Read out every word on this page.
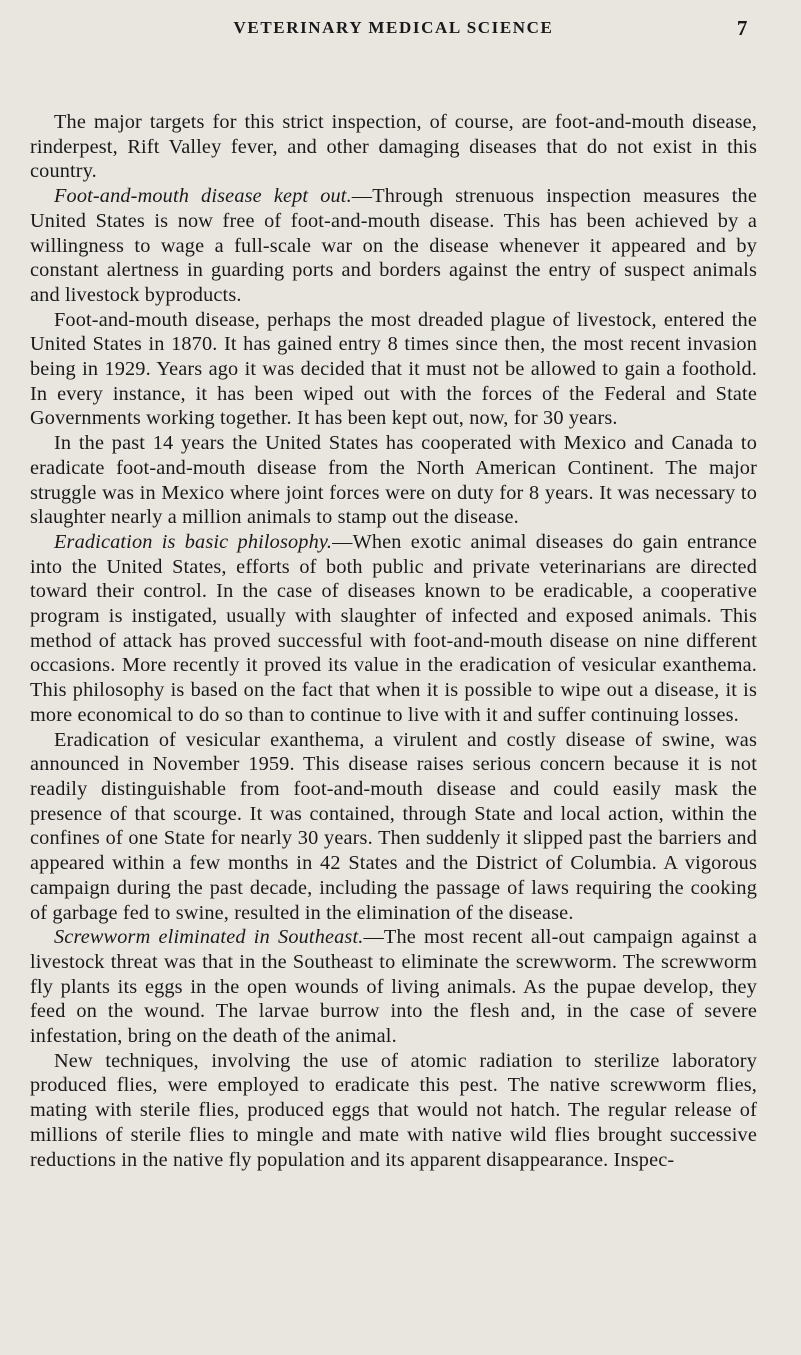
VETERINARY MEDICAL SCIENCE	7

The major targets for this strict inspection, of course, are foot-and-mouth disease, rinderpest, Rift Valley fever, and other damaging diseases that do not exist in this country.

Foot-and-mouth disease kept out.—Through strenuous inspection measures the United States is now free of foot-and-mouth disease. This has been achieved by a willingness to wage a full-scale war on the disease whenever it appeared and by constant alertness in guarding ports and borders against the entry of suspect animals and livestock byproducts.

Foot-and-mouth disease, perhaps the most dreaded plague of livestock, entered the United States in 1870. It has gained entry 8 times since then, the most recent invasion being in 1929. Years ago it was decided that it must not be allowed to gain a foothold. In every instance, it has been wiped out with the forces of the Federal and State Governments working together. It has been kept out, now, for 30 years.

In the past 14 years the United States has cooperated with Mexico and Canada to eradicate foot-and-mouth disease from the North American Continent. The major struggle was in Mexico where joint forces were on duty for 8 years. It was necessary to slaughter nearly a million animals to stamp out the disease.

Eradication is basic philosophy.—When exotic animal diseases do gain entrance into the United States, efforts of both public and private veterinarians are directed toward their control. In the case of diseases known to be eradicable, a cooperative program is instigated, usually with slaughter of infected and exposed animals. This method of attack has proved successful with foot-and-mouth disease on nine different occasions. More recently it proved its value in the eradication of vesicular exanthema. This philosophy is based on the fact that when it is possible to wipe out a disease, it is more economical to do so than to continue to live with it and suffer continuing losses.

Eradication of vesicular exanthema, a virulent and costly disease of swine, was announced in November 1959. This disease raises serious concern because it is not readily distinguishable from foot-and-mouth disease and could easily mask the presence of that scourge. It was contained, through State and local action, within the confines of one State for nearly 30 years. Then suddenly it slipped past the barriers and appeared within a few months in 42 States and the District of Columbia. A vigorous campaign during the past decade, including the passage of laws requiring the cooking of garbage fed to swine, resulted in the elimination of the disease.

Screwworm eliminated in Southeast.—The most recent all-out campaign against a livestock threat was that in the Southeast to eliminate the screwworm. The screwworm fly plants its eggs in the open wounds of living animals. As the pupae develop, they feed on the wound. The larvae burrow into the flesh and, in the case of severe infestation, bring on the death of the animal.

New techniques, involving the use of atomic radiation to sterilize laboratory produced flies, were employed to eradicate this pest. The native screwworm flies, mating with sterile flies, produced eggs that would not hatch. The regular release of millions of sterile flies to mingle and mate with native wild flies brought successive reductions in the native fly population and its apparent disappearance. Inspec-
